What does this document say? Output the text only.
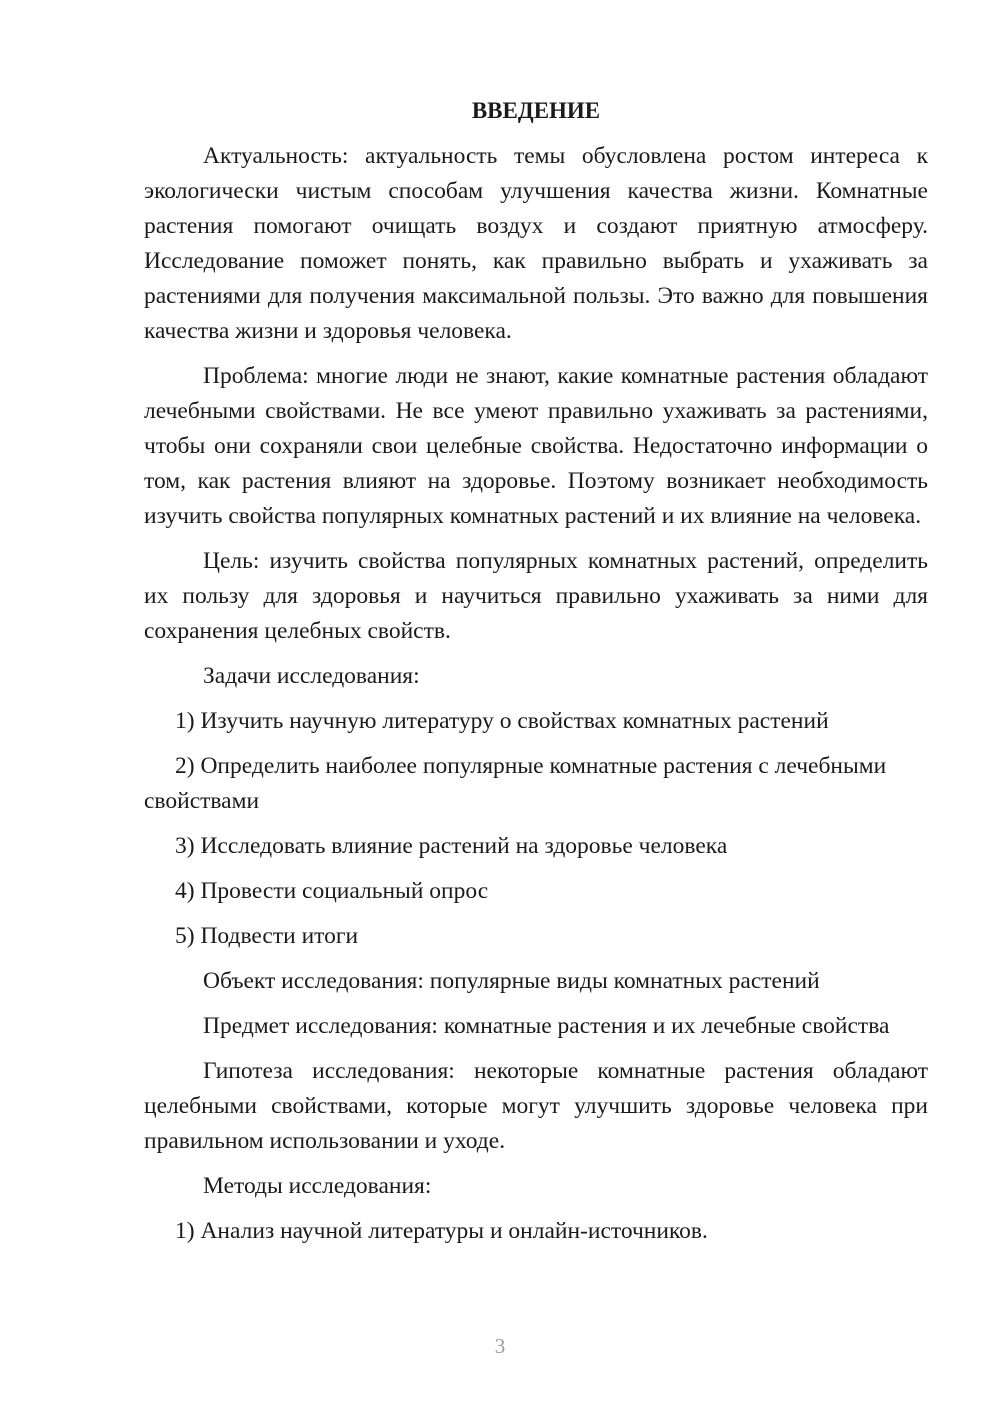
ВВЕДЕНИЕ

Актуальность: актуальность темы обусловлена ростом интереса к экологически чистым способам улучшения качества жизни. Комнатные растения помогают очищать воздух и создают приятную атмосферу. Исследование поможет понять, как правильно выбрать и ухаживать за растениями для получения максимальной пользы. Это важно для повышения качества жизни и здоровья человека.

Проблема: многие люди не знают, какие комнатные растения обладают лечебными свойствами. Не все умеют правильно ухаживать за растениями, чтобы они сохраняли свои целебные свойства. Недостаточно информации о том, как растения влияют на здоровье. Поэтому возникает необходимость изучить свойства популярных комнатных растений и их влияние на человека.

Цель: изучить свойства популярных комнатных растений, определить их пользу для здоровья и научиться правильно ухаживать за ними для сохранения целебных свойств.

Задачи исследования:

1) Изучить научную литературу о свойствах комнатных растений

2) Определить наиболее популярные комнатные растения с лечебными свойствами

3) Исследовать влияние растений на здоровье человека

4) Провести социальный опрос

5) Подвести итоги

Объект исследования: популярные виды комнатных растений

Предмет исследования: комнатные растения и их лечебные свойства

Гипотеза исследования: некоторые комнатные растения обладают целебными свойствами, которые могут улучшить здоровье человека при правильном использовании и уходе.

Методы исследования:

1) Анализ научной литературы и онлайн-источников.

3
